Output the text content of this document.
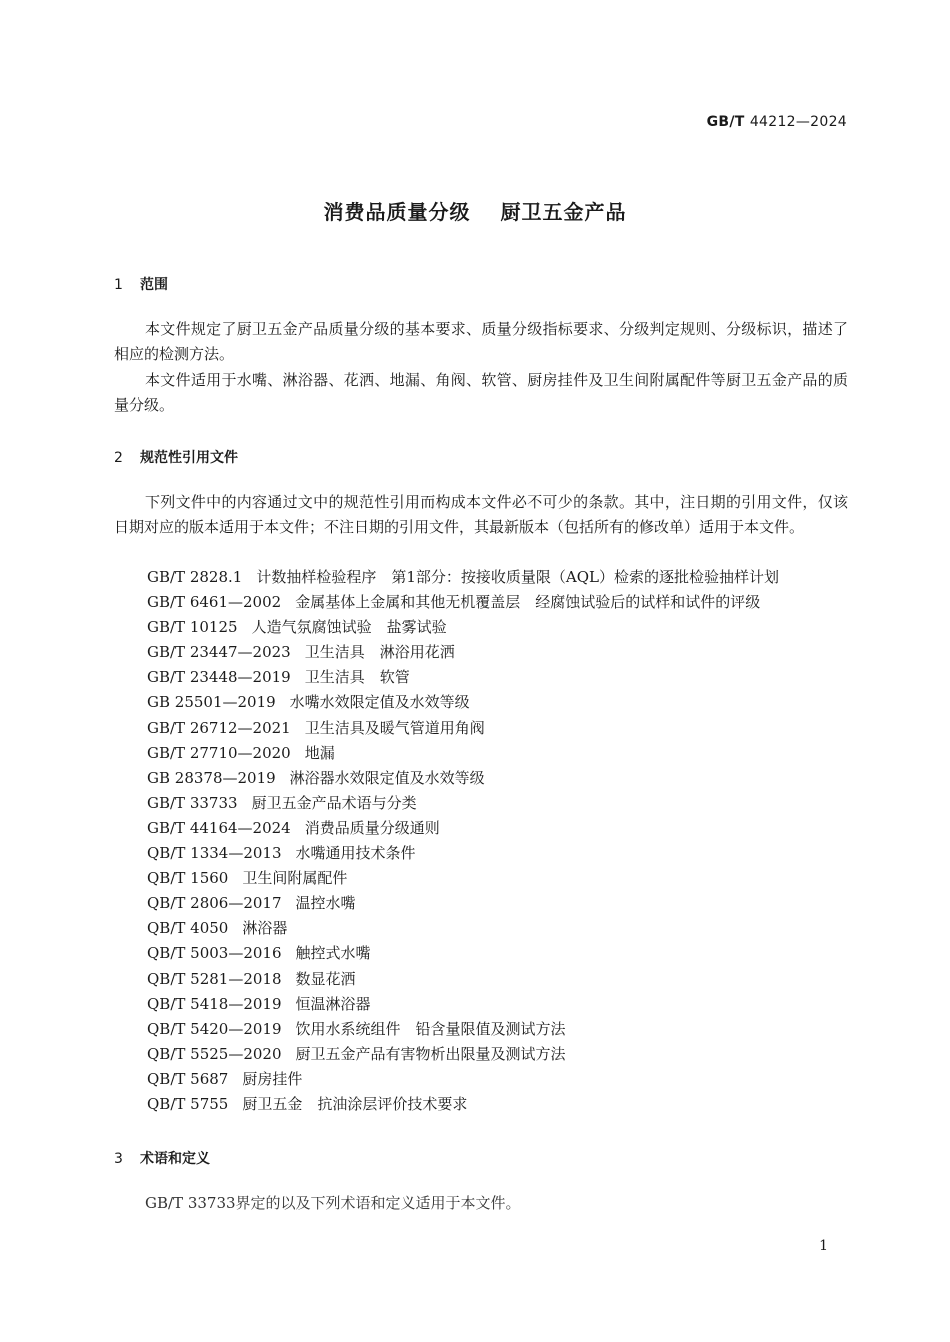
GB/T 44212—2024
消费品质量分级 厨卫五金产品
1 范围
本文件规定了厨卫五金产品质量分级的基本要求、质量分级指标要求、分级判定规则、分级标识，描述了相应的检测方法。
本文件适用于水嘴、淋浴器、花洒、地漏、角阀、软管、厨房挂件及卫生间附属配件等厨卫五金产品的质量分级。
2 规范性引用文件
下列文件中的内容通过文中的规范性引用而构成本文件必不可少的条款。其中，注日期的引用文件，仅该日期对应的版本适用于本文件；不注日期的引用文件，其最新版本（包括所有的修改单）适用于本文件。
GB/T 2828.1 计数抽样检验程序　第1部分：按接收质量限（AQL）检索的逐批检验抽样计划
GB/T 6461—2002 金属基体上金属和其他无机覆盖层　经腐蚀试验后的试样和试件的评级
GB/T 10125 人造气氛腐蚀试验　盐雾试验
GB/T 23447—2023 卫生洁具　淋浴用花洒
GB/T 23448—2019 卫生洁具　软管
GB 25501—2019 水嘴水效限定值及水效等级
GB/T 26712—2021 卫生洁具及暖气管道用角阀
GB/T 27710—2020 地漏
GB 28378—2019 淋浴器水效限定值及水效等级
GB/T 33733 厨卫五金产品术语与分类
GB/T 44164—2024 消费品质量分级通则
QB/T 1334—2013 水嘴通用技术条件
QB/T 1560 卫生间附属配件
QB/T 2806—2017 温控水嘴
QB/T 4050 淋浴器
QB/T 5003—2016 触控式水嘴
QB/T 5281—2018 数显花洒
QB/T 5418—2019 恒温淋浴器
QB/T 5420—2019 饮用水系统组件　铅含量限值及测试方法
QB/T 5525—2020 厨卫五金产品有害物析出限量及测试方法
QB/T 5687 厨房挂件
QB/T 5755 厨卫五金　抗油涂层评价技术要求
3 术语和定义
GB/T 33733界定的以及下列术语和定义适用于本文件。
1
